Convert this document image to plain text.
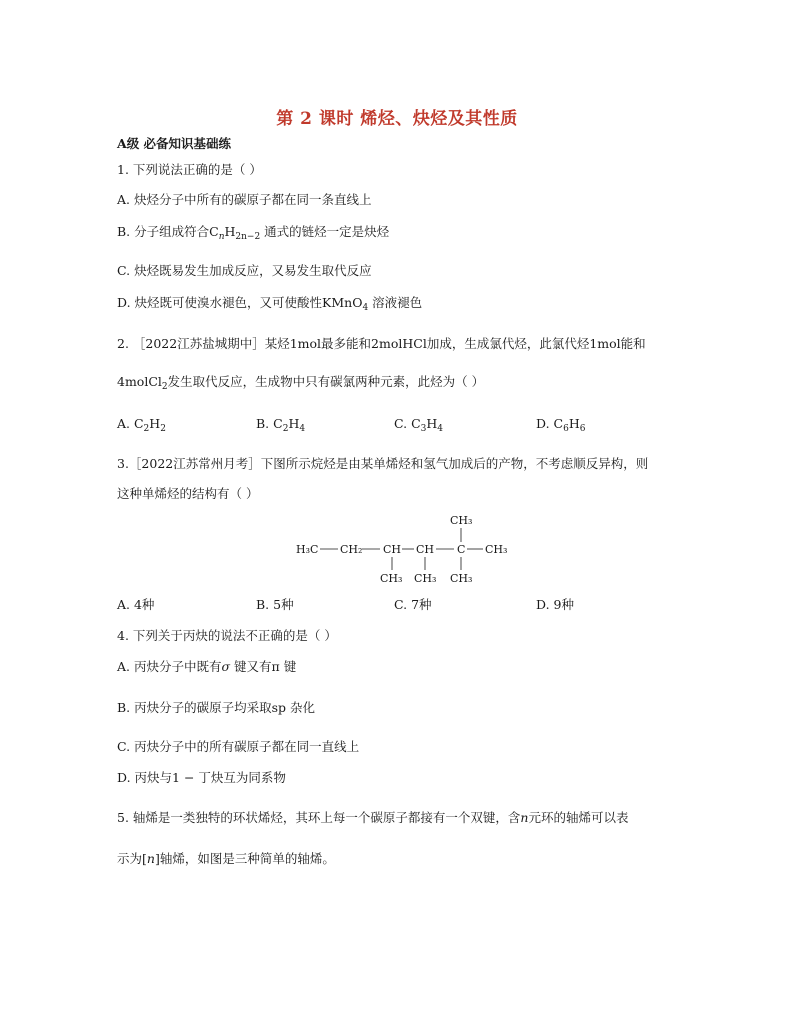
第 2 课时 烯烃、炔烃及其性质
A级 必备知识基础练
1. 下列说法正确的是（ ）
A. 炔烃分子中所有的碳原子都在同一条直线上
B. 分子组成符合$C_nH_{2n-2}$ 通式的链烃一定是炔烃
C. 炔烃既易发生加成反应，又易发生取代反应
D. 炔烃既可使溴水褪色，又可使酸性KMnO$_4$ 溶液褪色
2. ［2022江苏盐城期中］某烃1mol最多能和2molHCl加成，生成氯代烃，此氯代烃1mol能和
4molCl$_2$发生取代反应，生成物中只有碳氯两种元素，此烃为（ ）
A. $C_2H_2$	B. $C_2H_4$	C. $C_3H_4$	D. $C_6H_6$
3.［2022江苏常州月考］下图所示烷烃是由某单烯烃和氢气加成后的产物，不考虑顺反异构，则
这种单烯烃的结构有（ ）
CH₃
H₃C CH₂ CH CH C CH₃
CH₃ CH₃ CH₃
A. 4种	B. 5种	C. 7种	D. 9种
4. 下列关于丙炔的说法不正确的是（ ）
A. 丙炔分子中既有σ 键又有π 键
B. 丙炔分子的碳原子均采取sp 杂化
C. 丙炔分子中的所有碳原子都在同一直线上
D. 丙炔与1 − 丁炔互为同系物
5. 轴烯是一类独特的环状烯烃，其环上每一个碳原子都接有一个双键，含n元环的轴烯可以表
示为[n]轴烯，如图是三种简单的轴烯。
